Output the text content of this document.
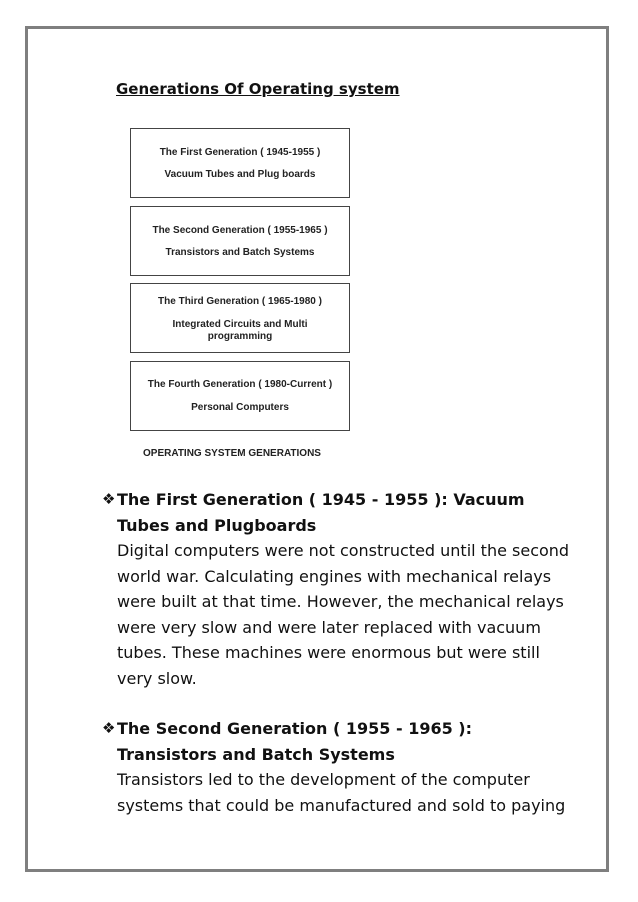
Generations Of Operating system
The First Generation ( 1945-1955 )
Vacuum Tubes and Plug boards
The Second Generation ( 1955-1965 )
Transistors and Batch Systems
The Third Generation ( 1965-1980 )
Integrated Circuits and Multi programming
The Fourth Generation ( 1980-Current )
Personal Computers
OPERATING SYSTEM GENERATIONS
❖ The First Generation ( 1945 - 1955 ): Vacuum Tubes and Plugboards
Digital computers were not constructed until the second world war. Calculating engines with mechanical relays were built at that time. However, the mechanical relays were very slow and were later replaced with vacuum tubes. These machines were enormous but were still very slow.
❖ The Second Generation ( 1955 - 1965 ): Transistors and Batch Systems
Transistors led to the development of the computer systems that could be manufactured and sold to paying
